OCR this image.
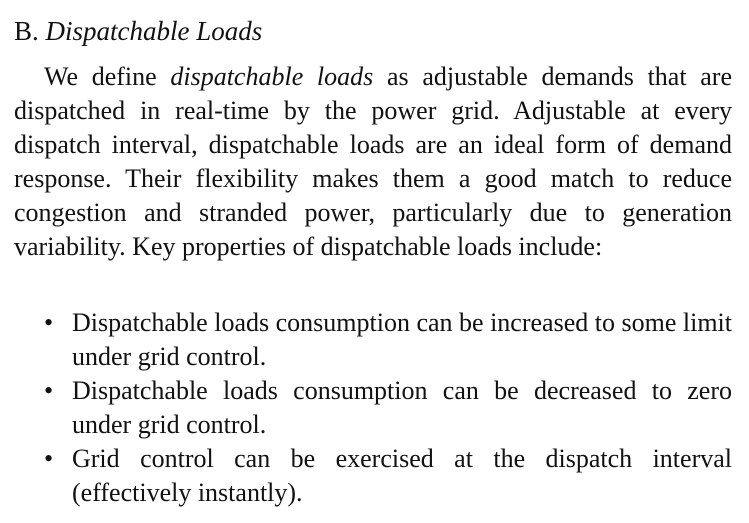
B. Dispatchable Loads

We define dispatchable loads as adjustable demands that are dispatched in real-time by the power grid. Adjustable at every dispatch interval, dispatchable loads are an ideal form of demand response. Their flexibility makes them a good match to reduce congestion and stranded power, particularly due to generation variability. Key properties of dispatchable loads include:

• Dispatchable loads consumption can be increased to some limit under grid control.
• Dispatchable loads consumption can be decreased to zero under grid control.
• Grid control can be exercised at the dispatch interval (effectively instantly).
